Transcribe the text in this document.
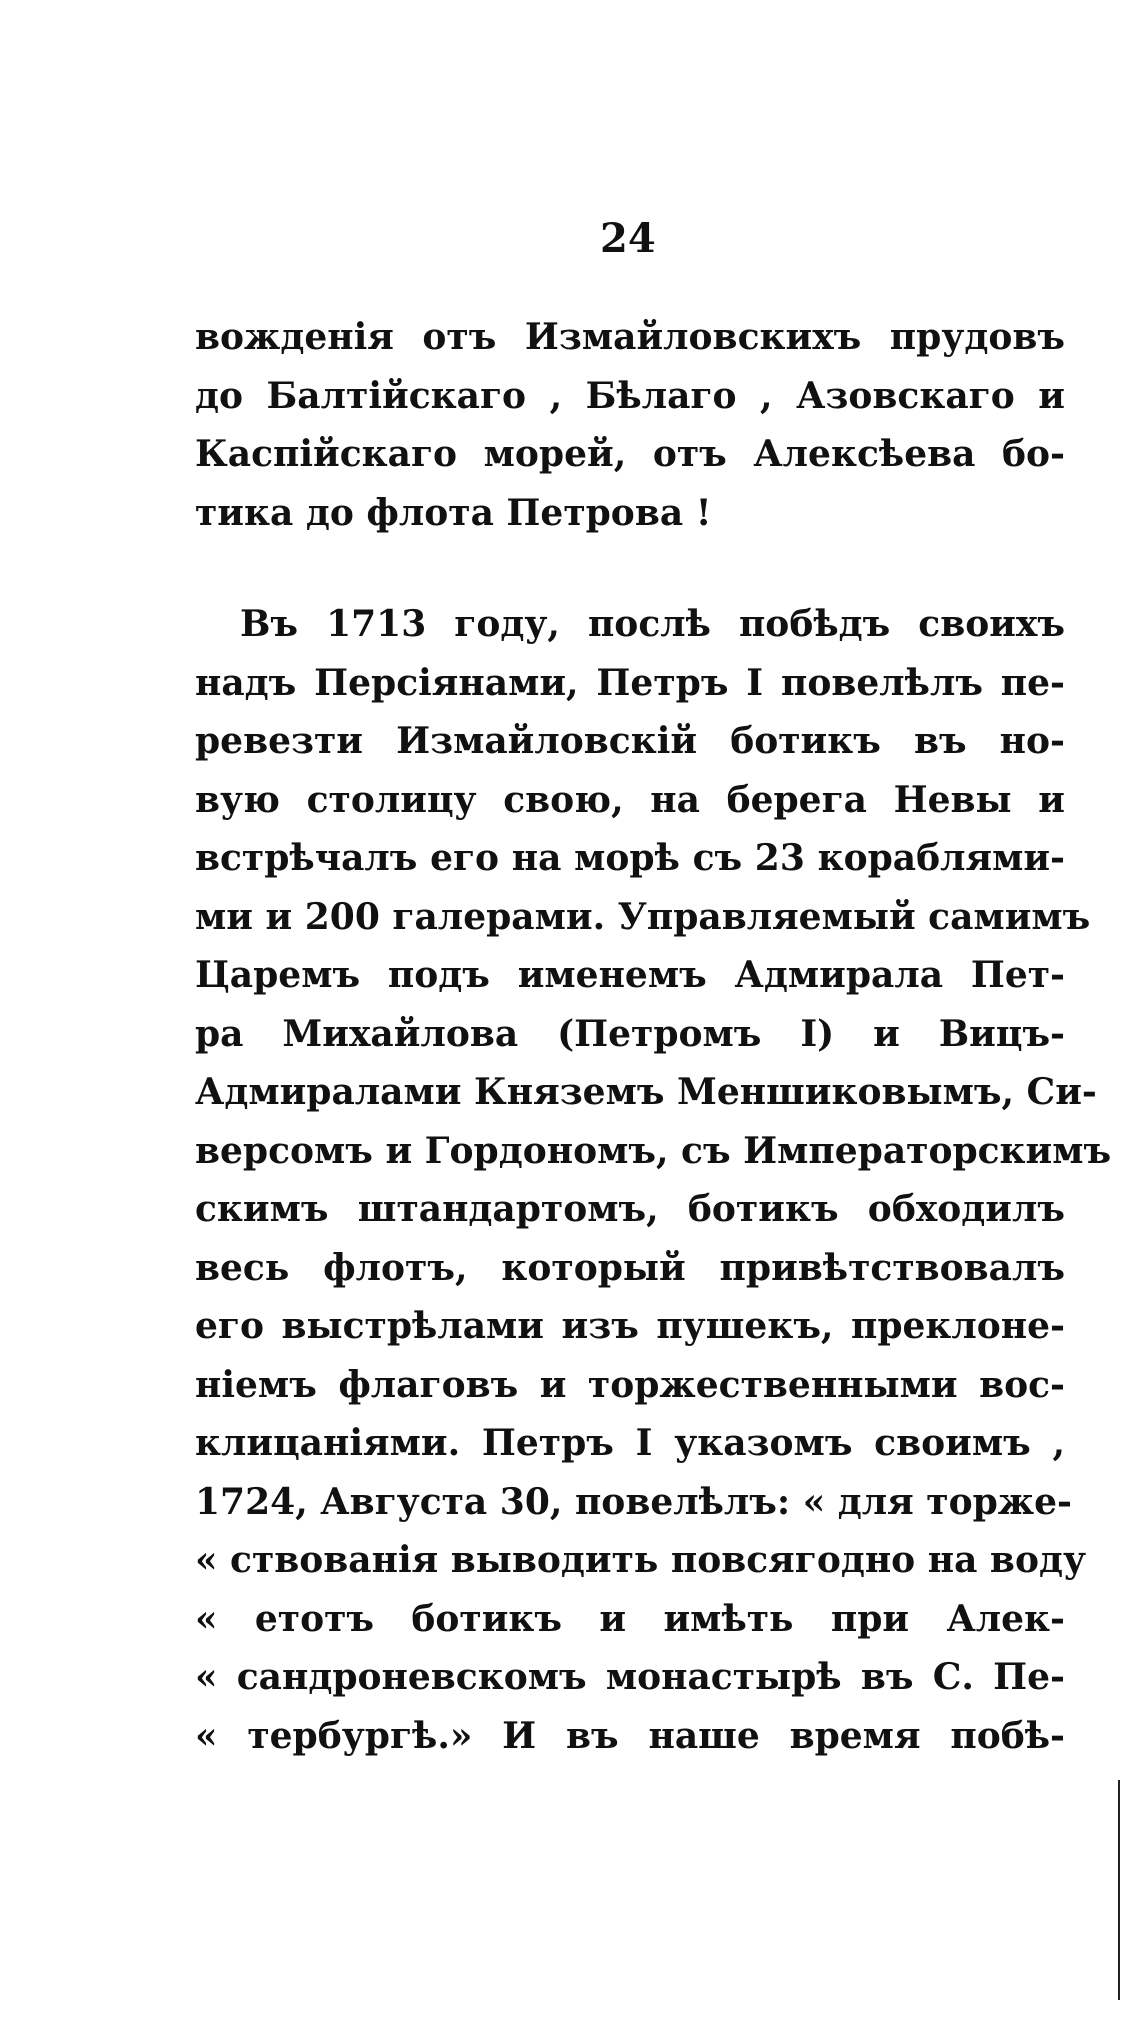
24
вожденія отъ Измайловскихъ прудовъ
до Балтійскаго , Бѣлаго , Азовскаго и
Каспійскаго морей, отъ Алексѣева бо-
тика до флота Петрова !
Въ 1713 году, послѣ побѣдъ своихъ
надъ Персіянами, Петръ I повелѣлъ пе-
ревезти Измайловскій ботикъ въ но-
вую столицу свою, на берега Невы и
встрѣчалъ его на морѣ съ 23 кораблями-
ми и 200 галерами. Управляемый самимъ
Царемъ подъ именемъ Адмирала Пет-
ра Михайлова (Петромъ I) и Вицъ-
Адмиралами Княземъ Меншиковымъ, Си-
версомъ и Гордономъ, съ Императорскимъ
скимъ штандартомъ, ботикъ обходилъ
весь флотъ, который привѣтствовалъ
его выстрѣлами изъ пушекъ, преклоне-
ніемъ флаговъ и торжественными вос-
клицаніями. Петръ I указомъ своимъ ,
1724, Августа 30, повелѣлъ: « для торже-
« ствованія выводить повсягодно на воду
« етотъ ботикъ и имѣть при Алек-
« сандроневскомъ монастырѣ въ С. Пе-
« тербургѣ.» И въ наше время побѣ-
